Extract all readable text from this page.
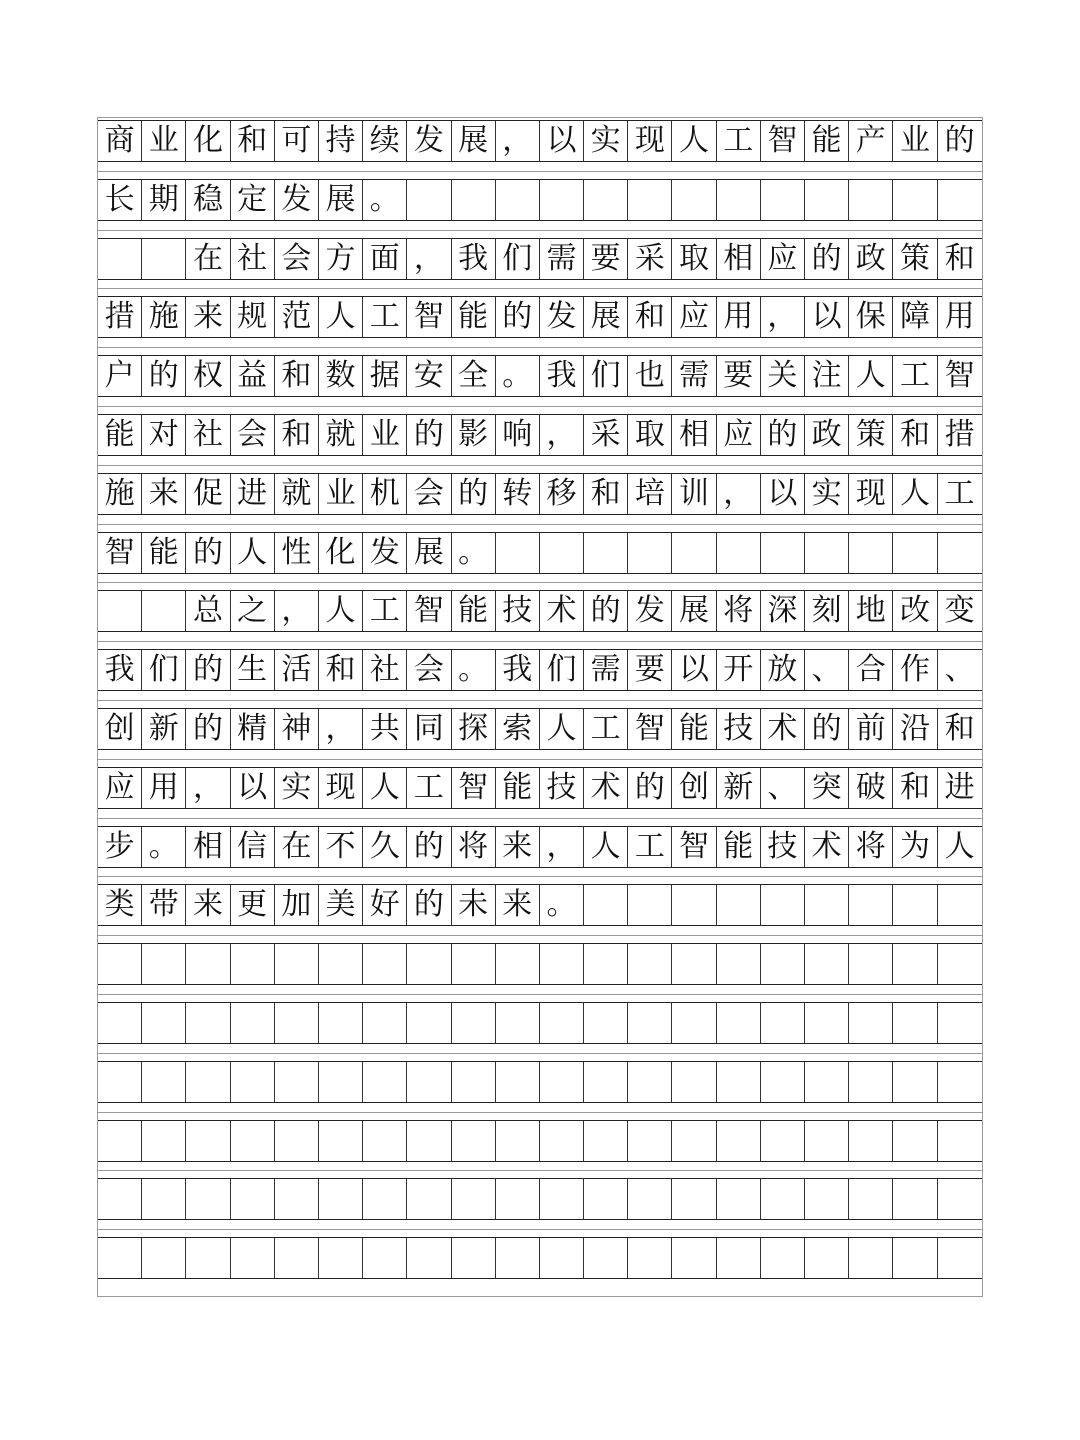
商 业 化 和 可 持 续 发 展 ， 以 实 现 人 工 智 能 产 业 的
长 期 稳 定 发 展 。
在 社 会 方 面 ， 我 们 需 要 采 取 相 应 的 政 策 和
措 施 来 规 范 人 工 智 能 的 发 展 和 应 用 ， 以 保 障 用
户 的 权 益 和 数 据 安 全 。 我 们 也 需 要 关 注 人 工 智
能 对 社 会 和 就 业 的 影 响 ， 采 取 相 应 的 政 策 和 措
施 来 促 进 就 业 机 会 的 转 移 和 培 训 ， 以 实 现 人 工
智 能 的 人 性 化 发 展 。
总 之 ， 人 工 智 能 技 术 的 发 展 将 深 刻 地 改 变
我 们 的 生 活 和 社 会 。 我 们 需 要 以 开 放 、 合 作 、
创 新 的 精 神 ， 共 同 探 索 人 工 智 能 技 术 的 前 沿 和
应 用 ， 以 实 现 人 工 智 能 技 术 的 创 新 、 突 破 和 进
步 。 相 信 在 不 久 的 将 来 ， 人 工 智 能 技 术 将 为 人
类 带 来 更 加 美 好 的 未 来 。
